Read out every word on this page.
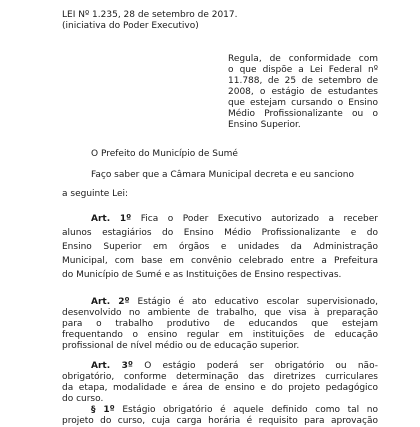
LEI Nº 1.235, 28 de setembro de 2017.
(iniciativa do Poder Executivo)
Regula, de conformidade com
o que dispõe a Lei Federal nº
11.788, de 25 de setembro de
2008, o estágio de estudantes
que estejam cursando o Ensino
Médio Profissionalizante ou o
Ensino Superior.
O Prefeito do Município de Sumé
Faço saber que a Câmara Municipal decreta e eu sanciono
a seguinte Lei:
Art. 1º Fica o Poder Executivo autorizado a receber
alunos estagiários do Ensino Médio Profissionalizante e do
Ensino Superior em órgãos e unidades da Administração
Municipal, com base em convênio celebrado entre a Prefeitura
do Município de Sumé e as Instituições de Ensino respectivas.
Art. 2º Estágio é ato educativo escolar supervisionado,
desenvolvido no ambiente de trabalho, que visa à preparação
para o trabalho produtivo de educandos que estejam
frequentando o ensino regular em instituições de educação
profissional de nível médio ou de educação superior.
Art. 3º O estágio poderá ser obrigatório ou não-
obrigatório, conforme determinação das diretrizes curriculares
da etapa, modalidade e área de ensino e do projeto pedagógico
do curso.
§ 1º Estágio obrigatório é aquele definido como tal no
projeto do curso, cuja carga horária é requisito para aprovação
